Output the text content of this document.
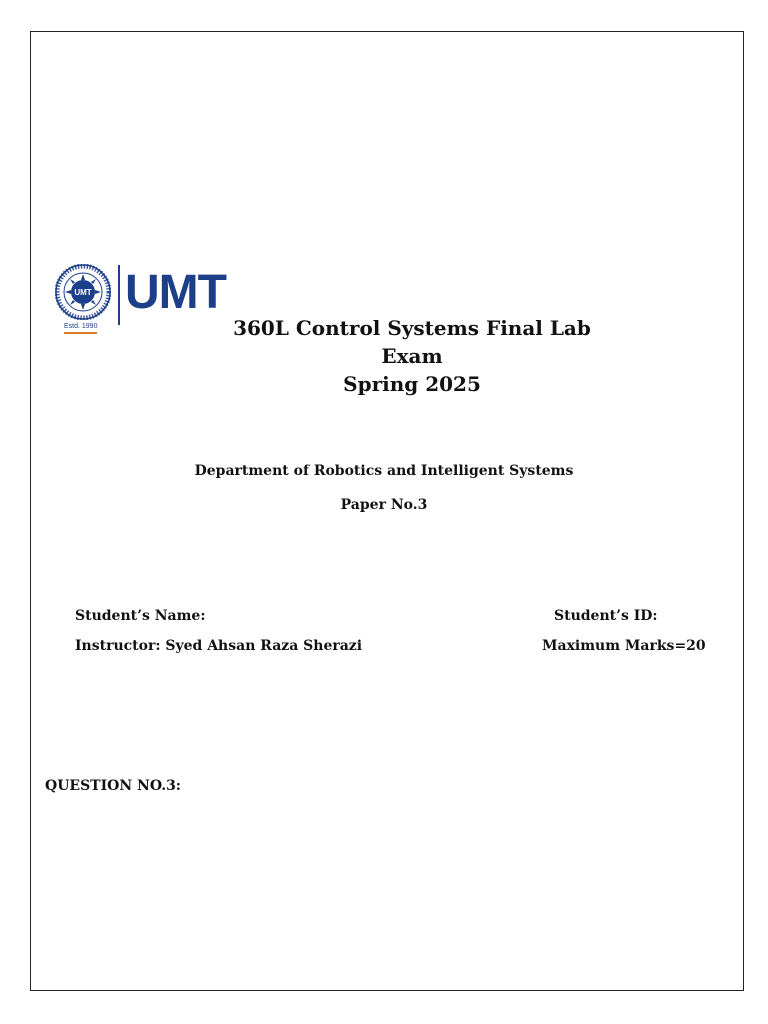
UMT
Estd. 1990
UMT
360L Control Systems Final Lab Exam
Spring 2025
Department of Robotics and Intelligent Systems
Paper No.3
Student’s Name:	Student’s ID:
Instructor: Syed Ahsan Raza Sherazi	Maximum Marks=20
QUESTION NO.3:
